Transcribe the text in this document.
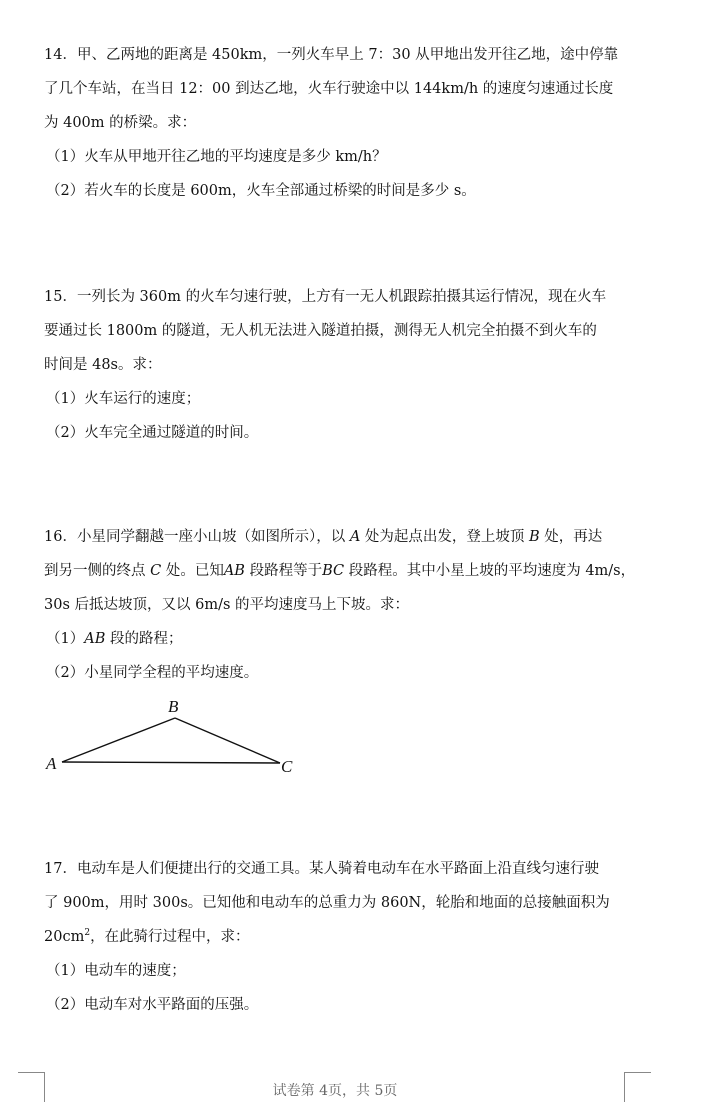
14．甲、乙两地的距离是 450km，一列火车早上 7：30 从甲地出发开往乙地，途中停靠
了几个车站，在当日 12：00 到达乙地，火车行驶途中以 144km/h 的速度匀速通过长度
为 400m 的桥梁。求：
（1）火车从甲地开往乙地的平均速度是多少 km/h？
（2）若火车的长度是 600m，火车全部通过桥梁的时间是多少 s。
15．一列长为 360m 的火车匀速行驶，上方有一无人机跟踪拍摄其运行情况，现在火车
要通过长 1800m 的隧道，无人机无法进入隧道拍摄，测得无人机完全拍摄不到火车的
时间是 48s。求：
（1）火车运行的速度；
（2）火车完全通过隧道的时间。
16．小星同学翻越一座小山坡（如图所示），以 A 处为起点出发，登上坡顶 B 处，再达
到另一侧的终点 C 处。已知AB 段路程等于BC 段路程。其中小星上坡的平均速度为 4m/s，
30s 后抵达坡顶，又以 6m/s 的平均速度马上下坡。求：
（1）AB 段的路程；
（2）小星同学全程的平均速度。
B
A	C
17．电动车是人们便捷出行的交通工具。某人骑着电动车在水平路面上沿直线匀速行驶
了 900m，用时 300s。已知他和电动车的总重力为 860N，轮胎和地面的总接触面积为
$20cm^2$，在此骑行过程中，求：
（1）电动车的速度；
（2）电动车对水平路面的压强。
试卷第 4页，共 5页
